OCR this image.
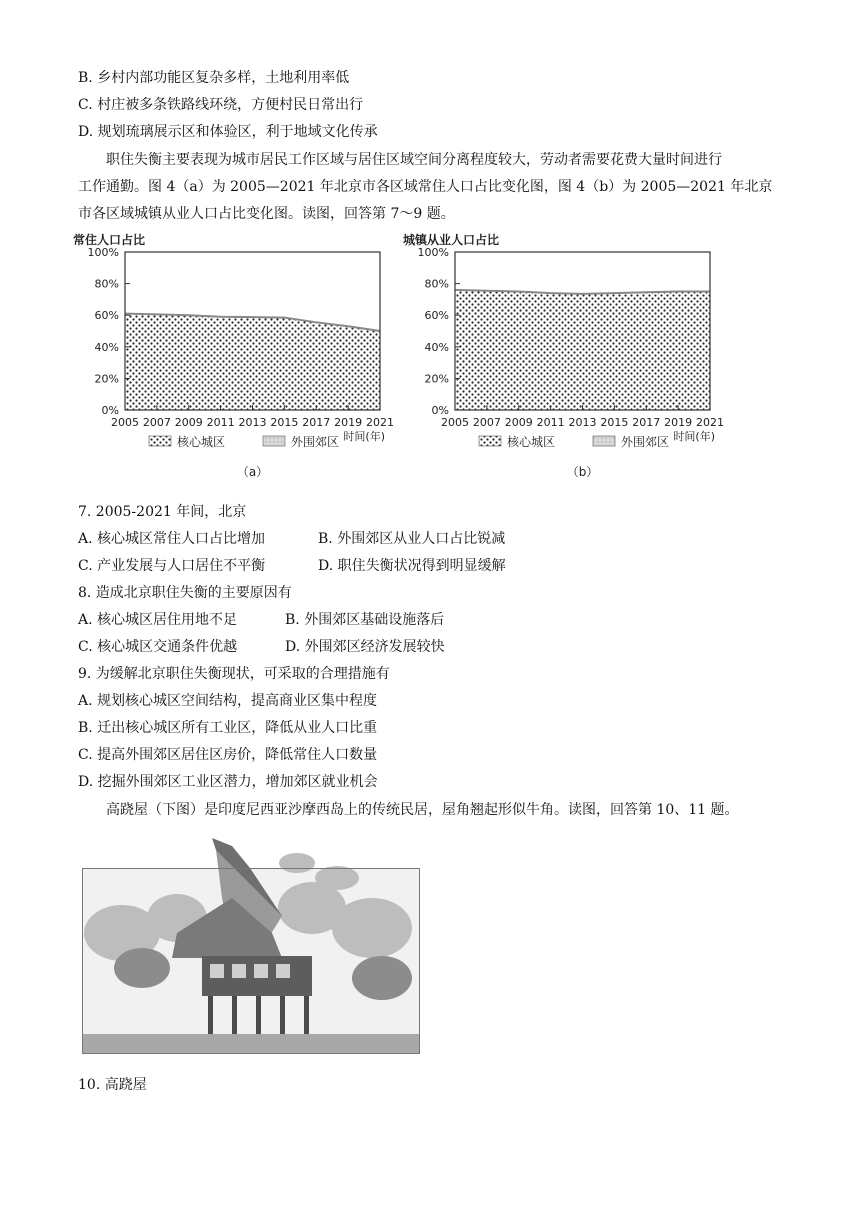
B. 乡村内部功能区复杂多样，土地利用率低
C. 村庄被多条铁路线环绕，方便村民日常出行
D. 规划琉璃展示区和体验区，利于地域文化传承
职住失衡主要表现为城市居民工作区域与居住区域空间分离程度较大，劳动者需要花费大量时间进行
工作通勤。图 4（a）为 2005—2021 年北京市各区域常住人口占比变化图，图 4（b）为 2005—2021 年北京
市各区域城镇从业人口占比变化图。读图，回答第 7～9 题。
常住人口占比
100%
80%
60%
40%
20%
0%
2005 2007 2009 2011 2013 2015 2017 2019 2021
时间(年)
核心城区	外围郊区
（a）
城镇从业人口占比
100%
80%
60%
40%
20%
0%
2005 2007 2009 2011 2013 2015 2017 2019 2021
时间(年)
核心城区	外围郊区
（b）
7. 2005-2021 年间，北京
A. 核心城区常住人口占比增加	B. 外围郊区从业人口占比锐减
C. 产业发展与人口居住不平衡	D. 职住失衡状况得到明显缓解
8. 造成北京职住失衡的主要原因有
A. 核心城区居住用地不足	B. 外围郊区基础设施落后
C. 核心城区交通条件优越	D. 外围郊区经济发展较快
9. 为缓解北京职住失衡现状，可采取的合理措施有
A. 规划核心城区空间结构，提高商业区集中程度
B. 迁出核心城区所有工业区，降低从业人口比重
C. 提高外围郊区居住区房价，降低常住人口数量
D. 挖掘外围郊区工业区潜力，增加郊区就业机会
高跷屋（下图）是印度尼西亚沙摩西岛上的传统民居，屋角翘起形似牛角。读图，回答第 10、11 题。
10. 高跷屋
